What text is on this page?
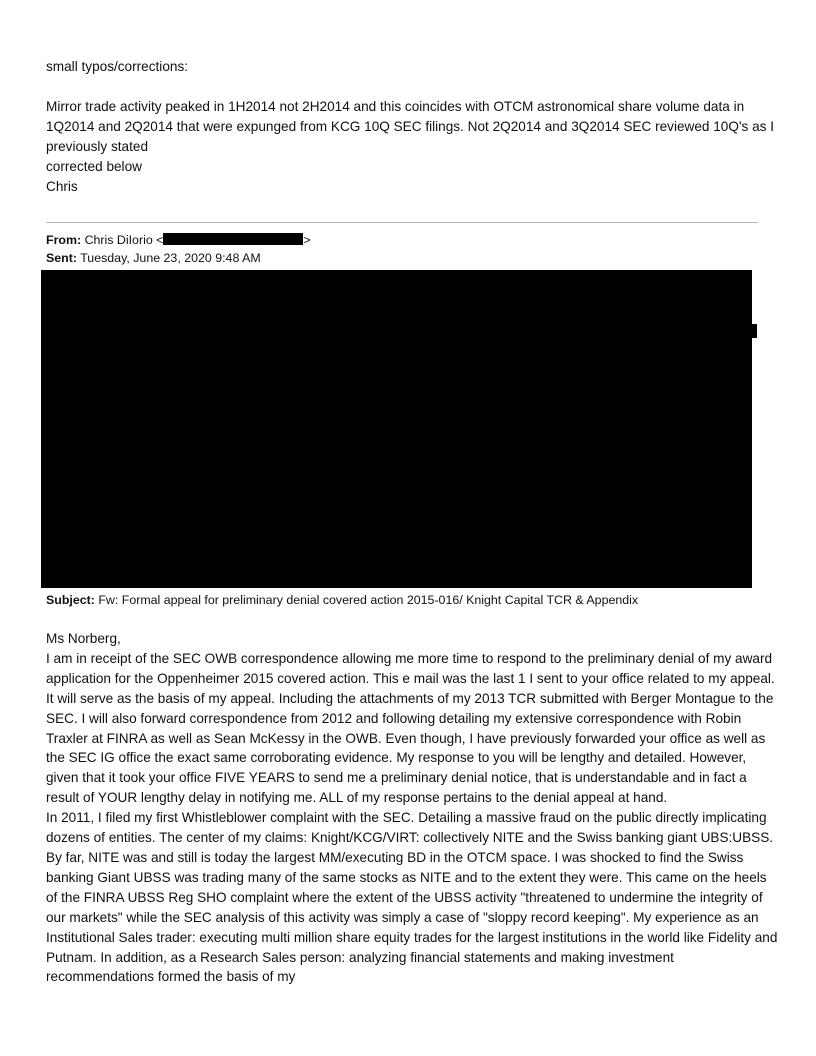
small typos/corrections:

Mirror trade activity peaked in 1H2014 not 2H2014 and this coincides with OTCM astronomical share volume data in 1Q2014 and 2Q2014 that were expunged from KCG 10Q SEC filings. Not 2Q2014 and 3Q2014 SEC reviewed 10Q's as I previously stated

corrected below

Chris

From: Chris DiIorio <	>
Sent: Tuesday, June 23, 2020 9:48 AM
Subject: Fw: Formal appeal for preliminary denial covered action 2015-016/ Knight Capital TCR & Appendix

Ms Norberg,

I am in receipt of the SEC OWB correspondence allowing me more time to respond to the preliminary denial of my award application for the Oppenheimer 2015 covered action. This e mail was the last 1 I sent to your office related to my appeal. It will serve as the basis of my appeal. Including the attachments of my 2013 TCR submitted with Berger Montague to the SEC. I will also forward correspondence from 2012 and following detailing my extensive correspondence with Robin Traxler at FINRA as well as Sean McKessy in the OWB. Even though, I have previously forwarded your office as well as the SEC IG office the exact same corroborating evidence. My response to you will be lengthy and detailed. However, given that it took your office FIVE YEARS to send me a preliminary denial notice, that is understandable and in fact a result of YOUR lengthy delay in notifying me. ALL of my response pertains to the denial appeal at hand.

In 2011, I filed my first Whistleblower complaint with the SEC. Detailing a massive fraud on the public directly implicating dozens of entities. The center of my claims: Knight/KCG/VIRT: collectively NITE and the Swiss banking giant UBS:UBSS. By far, NITE was and still is today the largest MM/executing BD in the OTCM space. I was shocked to find the Swiss banking Giant UBSS was trading many of the same stocks as NITE and to the extent they were. This came on the heels of the FINRA UBSS Reg SHO complaint where the extent of the UBSS activity "threatened to undermine the integrity of our markets" while the SEC analysis of this activity was simply a case of "sloppy record keeping". My experience as an Institutional Sales trader: executing multi million share equity trades for the largest institutions in the world like Fidelity and Putnam. In addition, as a Research Sales person: analyzing financial statements and making investment recommendations formed the basis of my
